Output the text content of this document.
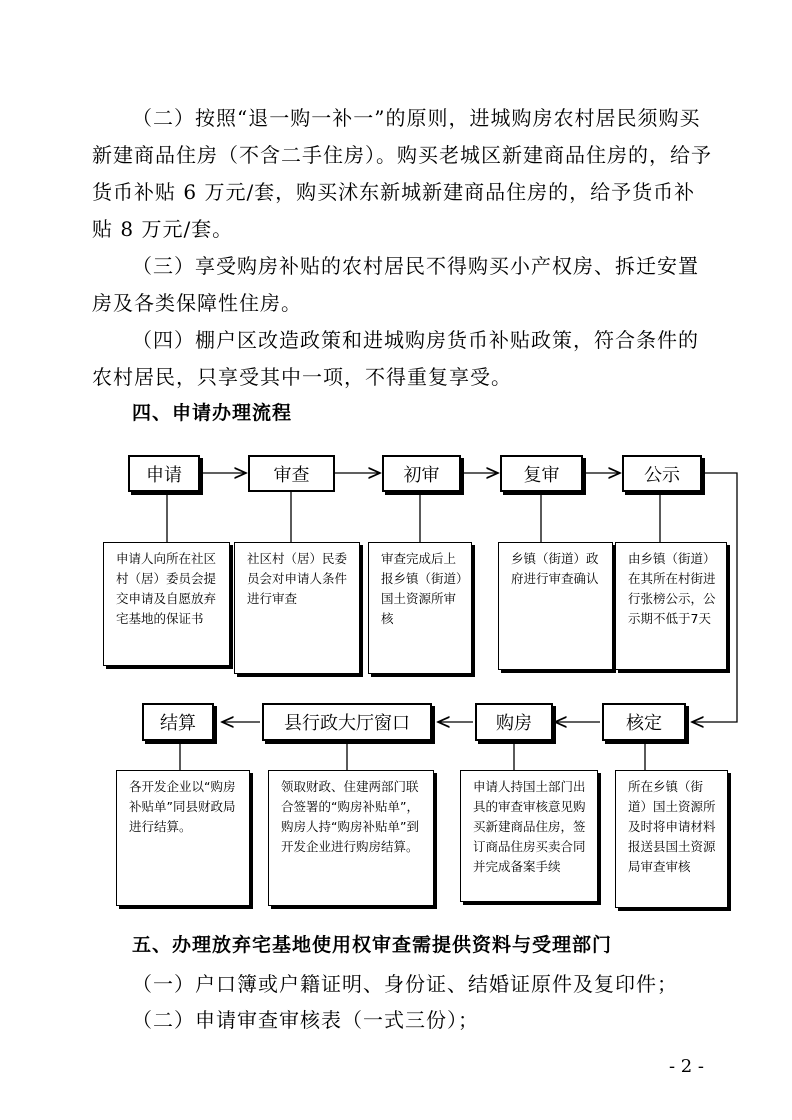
（二）按照“退一购一补一”的原则，进城购房农村居民须购买新建商品住房（不含二手住房）。购买老城区新建商品住房的，给予货币补贴 6 万元/套，购买沭东新城新建商品住房的，给予货币补贴 8 万元/套。

（三）享受购房补贴的农村居民不得购买小产权房、拆迁安置房及各类保障性住房。

（四）棚户区改造政策和进城购房货币补贴政策，符合条件的农村居民，只享受其中一项，不得重复享受。

四、申请办理流程
申请	审查	初审	复审	公示
申请人向所在社区村（居）委员会提交申请及自愿放弃宅基地的保证书
社区村（居）民委员会对申请人条件进行审查
审查完成后上报乡镇（街道）国土资源所审核
乡镇（街道）政府进行审查确认
由乡镇（街道）在其所在村街进行张榜公示，公示期不低于7天
结算	县行政大厅窗口	购房	核定
各开发企业以“购房补贴单”同县财政局进行结算。
领取财政、住建两部门联合签署的“购房补贴单”，购房人持“购房补贴单”到开发企业进行购房结算。
申请人持国土部门出具的审查审核意见购买新建商品住房，签订商品住房买卖合同并完成备案手续
所在乡镇（街道）国土资源所及时将申请材料报送县国土资源局审查审核
五、办理放弃宅基地使用权审查需提供资料与受理部门
（一）户口簿或户籍证明、身份证、结婚证原件及复印件；
（二）申请审查审核表（一式三份）；
- 2 -
